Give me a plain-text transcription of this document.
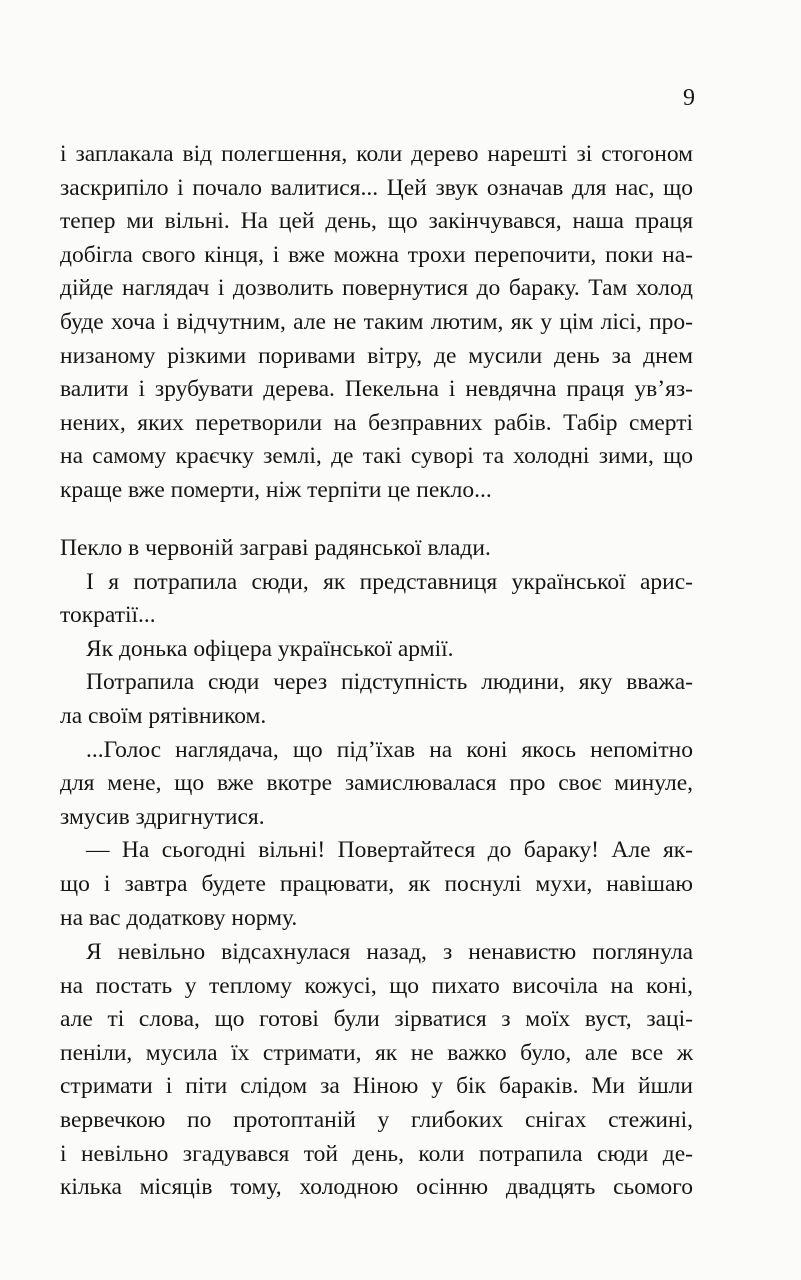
9
і заплакала від полегшення, коли дерево нарешті зі стогоном
заскрипіло і почало валитися... Цей звук означав для нас, що
тепер ми вільні. На цей день, що закінчувався, наша праця
добігла свого кінця, і вже можна трохи перепочити, поки на-
дійде наглядач і дозволить повернутися до бараку. Там холод
буде хоча і відчутним, але не таким лютим, як у цім лісі, про-
низаному різкими поривами вітру, де мусили день за днем
валити і зрубувати дерева. Пекельна і невдячна праця ув’яз-
нених, яких перетворили на безправних рабів. Табір смерті
на самому краєчку землі, де такі суворі та холодні зими, що
краще вже померти, ніж терпіти це пекло...
Пекло в червоній заграві радянської влади.
І я потрапила сюди, як представниця української арис-
тократії...
Як донька офіцера української армії.
Потрапила сюди через підступність людини, яку вважа-
ла своїм рятівником.
...Голос наглядача, що під’їхав на коні якось непомітно
для мене, що вже вкотре замислювалася про своє минуле,
змусив здригнутися.
— На сьогодні вільні! Повертайтеся до бараку! Але як-
що і завтра будете працювати, як поснулі мухи, навішаю
на вас додаткову норму.
Я невільно відсахнулася назад, з ненавистю поглянула
на постать у теплому кожусі, що пихато височіла на коні,
але ті слова, що готові були зірватися з моїх вуст, заці-
пеніли, мусила їх стримати, як не важко було, але все ж
стримати і піти слідом за Ніною у бік бараків. Ми йшли
вервечкою по протоптаній у глибоких снігах стежині,
і невільно згадувався той день, коли потрапила сюди де-
кілька місяців тому, холодною осінню двадцять сьомого
